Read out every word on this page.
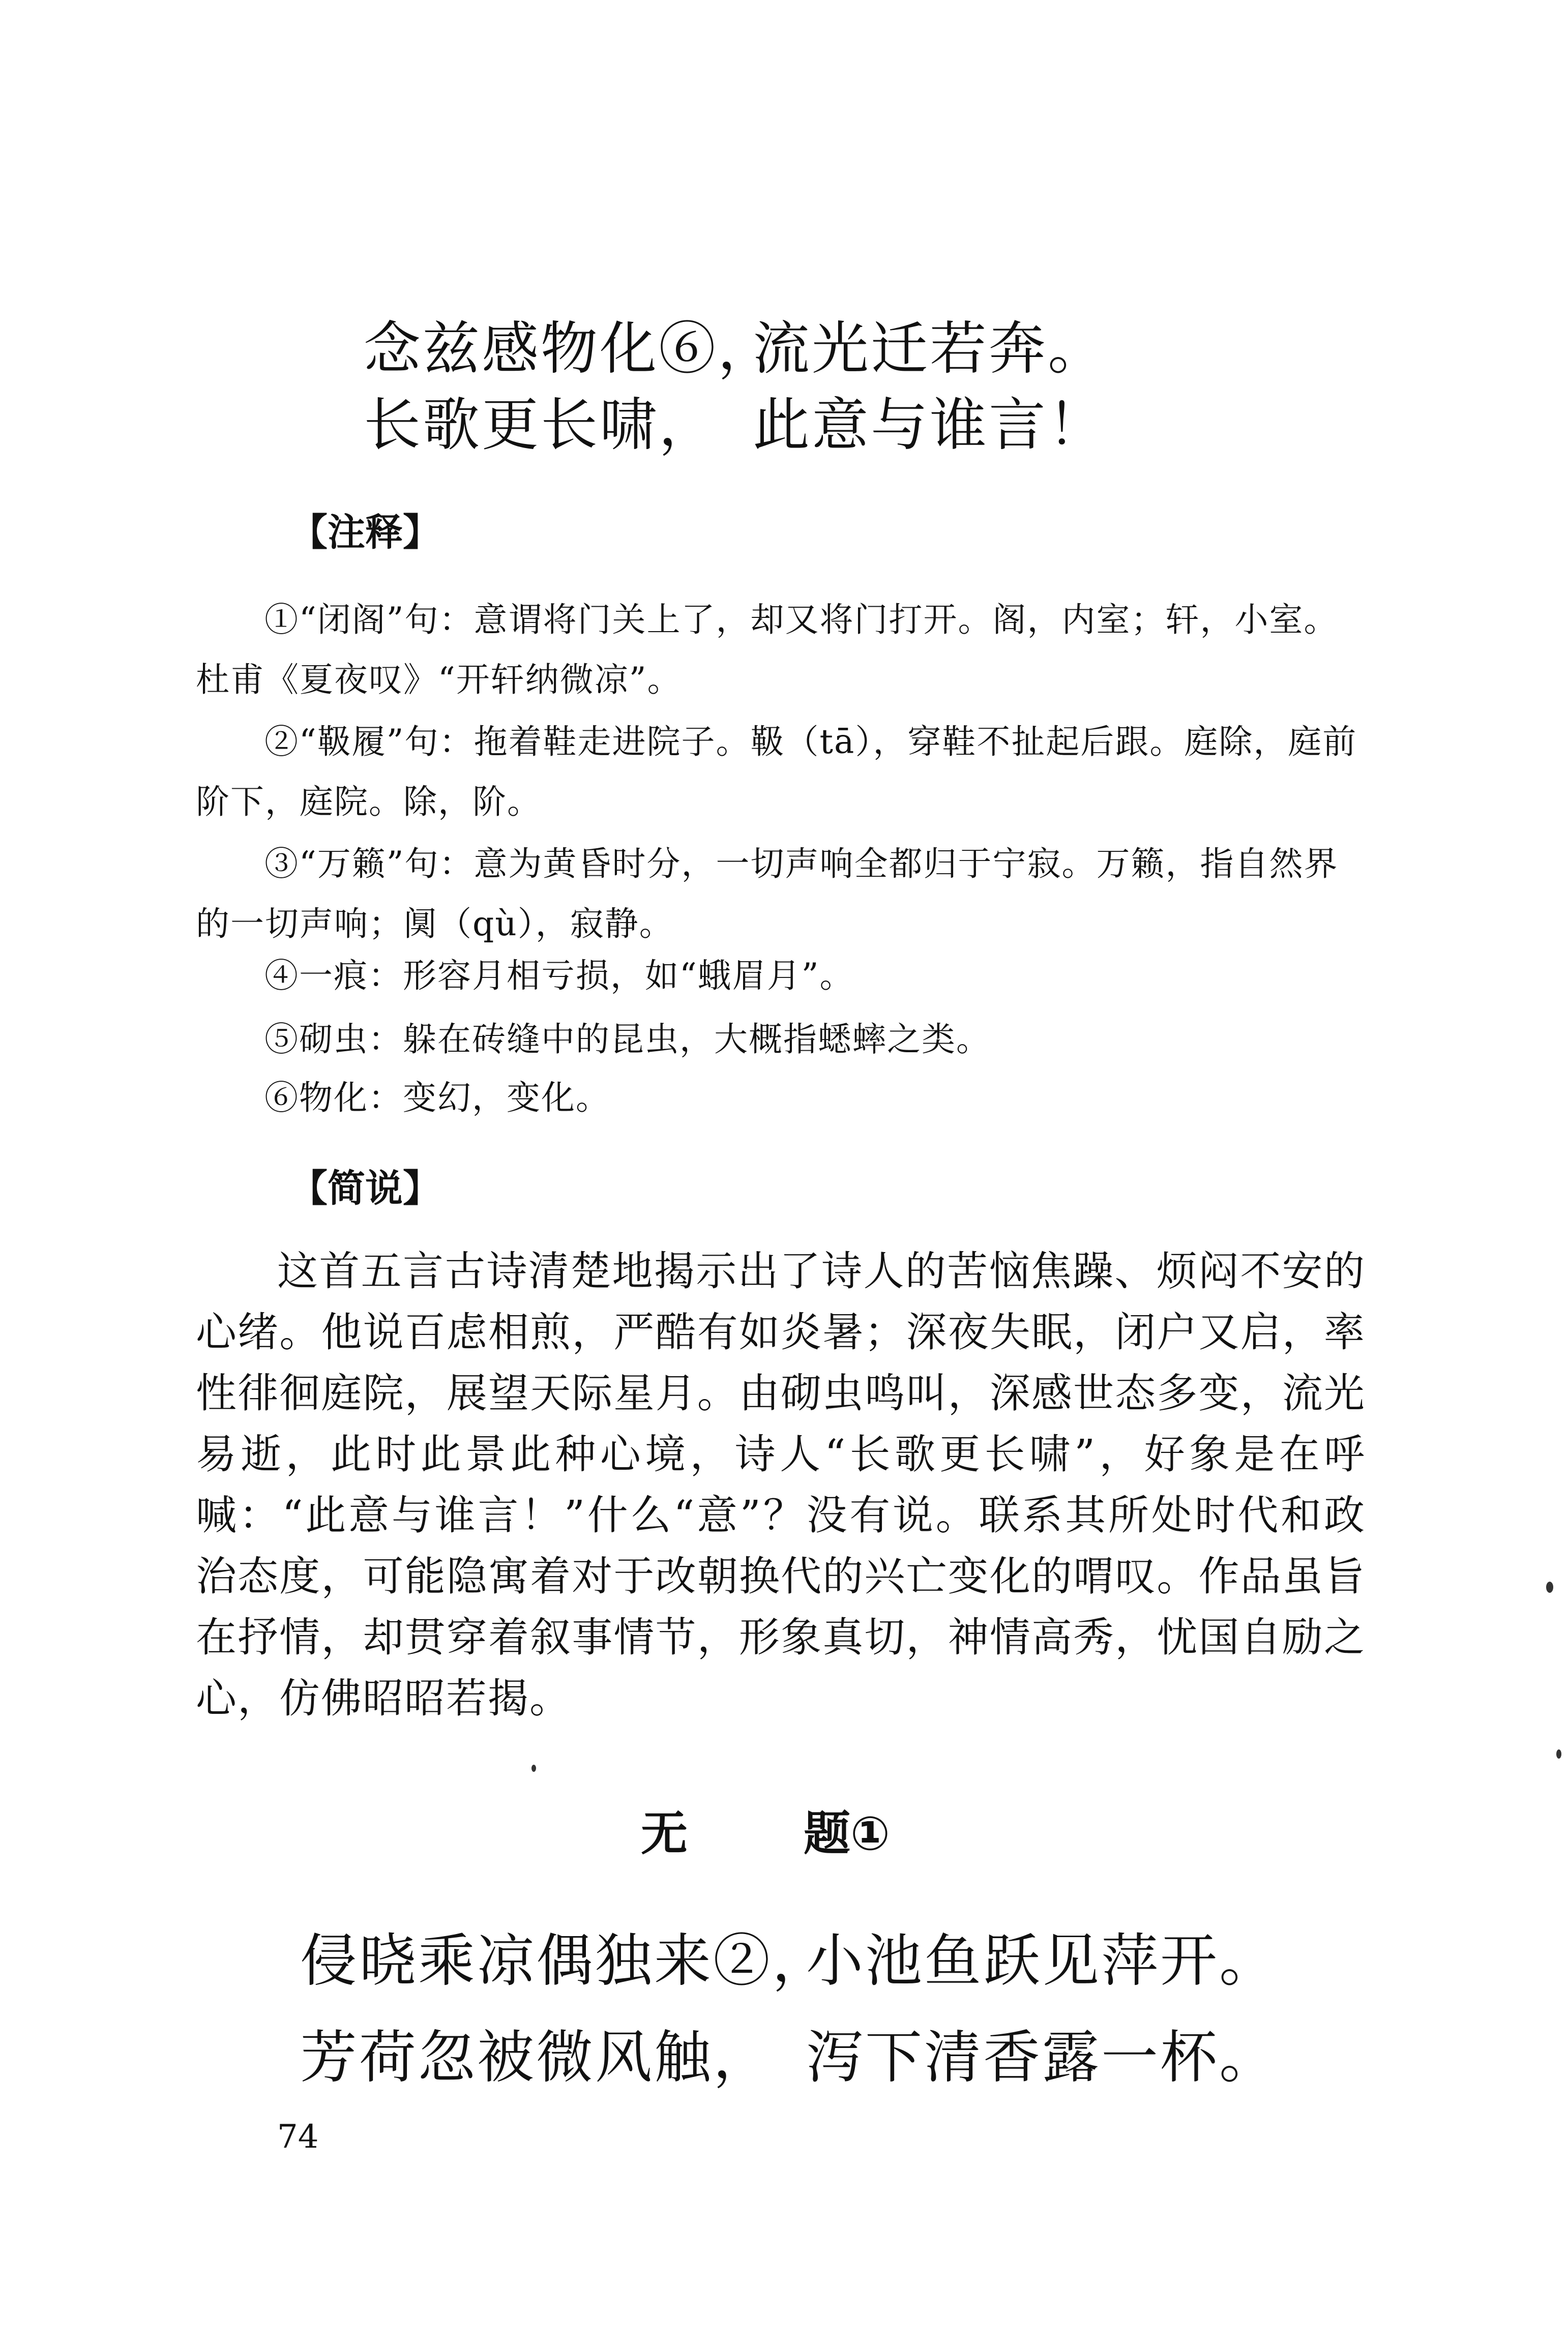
念兹感物化⑥，
流光迁若奔。
长歌更长啸， 此意与谁言！
【注释】

①“闭阁”句：意谓将门关上了，却又将门打开。阁，内室；轩，小室。杜甫《夏夜叹》“开轩纳微凉”。

②“靸履”句：拖着鞋走进院子。靸（tā），穿鞋不扯起后跟。庭除，庭前阶下，庭院。除，阶。

③“万籁”句：意为黄昏时分，一切声响全都归于宁寂。万籁，指自然界的一切声响；阒（qù），寂静。

④一痕：形容月相亏损，如“蛾眉月”。

⑤砌虫：躲在砖缝中的昆虫，大概指蟋蟀之类。

⑥物化：变幻，变化。

【简说】

这首五言古诗清楚地揭示出了诗人的苦恼焦躁、烦闷不安的心绪。他说百虑相煎，严酷有如炎暑；深夜失眠，闭户又启，率性徘徊庭院，展望天际星月。由砌虫鸣叫，深感世态多变，流光易逝，此时此景此种心境，诗人“长歌更长啸”，好象是在呼喊：“此意与谁言！”什么“意”？没有说。联系其所处时代和政治态度，可能隐寓着对于改朝换代的兴亡变化的喟叹。作品虽旨在抒情，却贯穿着叙事情节，形象真切，神情高秀，忧国自励之心，仿佛昭昭若揭。

无 题①
侵晓乘凉偶独来②，
小池鱼跃见萍开。
芳荷忽被微风触， 泻下清香露一杯。
74
